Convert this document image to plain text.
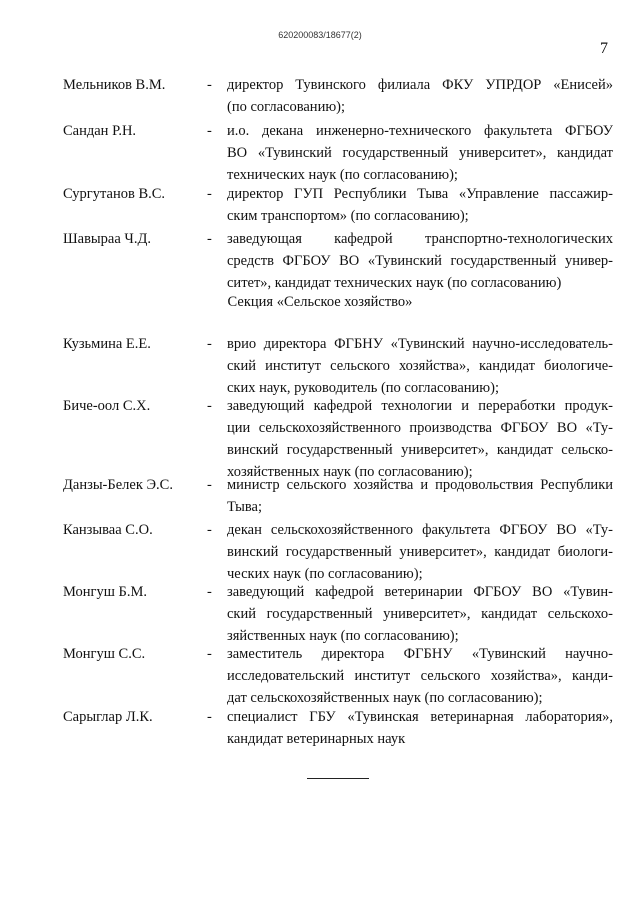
620200083/18677(2)
7
Мельников В.М.	- директор Тувинского филиала ФКУ УПРДОР «Енисей»
(по согласованию);
Сандан Р.Н.	- и.о. декана инженерно-технического факультета ФГБОУ
ВО «Тувинский государственный университет», кандидат
технических наук (по согласованию);
Сургутанов В.С.	- директор ГУП Республики Тыва «Управление пассажир-
ским транспортом» (по согласованию);
Шавыраа Ч.Д.	- заведующая кафедрой транспортно-технологических
средств ФГБОУ ВО «Тувинский государственный универ-
ситет», кандидат технических наук (по согласованию)
Секция «Сельское хозяйство»
Кузьмина Е.Е.	- врио директора ФГБНУ «Тувинский научно-исследователь-
ский институт сельского хозяйства», кандидат биологиче-
ских наук, руководитель (по согласованию);
Биче-оол С.Х.	- заведующий кафедрой технологии и переработки продук-
ции сельскохозяйственного производства ФГБОУ ВО «Ту-
винский государственный университет», кандидат сельско-
хозяйственных наук (по согласованию);
Данзы-Белек Э.С. - министр сельского хозяйства и продовольствия Республики
Тыва;
Канзываа С.О.	- декан сельскохозяйственного факультета ФГБОУ ВО «Ту-
винский государственный университет», кандидат биологи-
ческих наук (по согласованию);
Монгуш Б.М.	- заведующий кафедрой ветеринарии ФГБОУ ВО «Тувин-
ский государственный университет», кандидат сельскохо-
зяйственных наук (по согласованию);
Монгуш С.С.	- заместитель директора ФГБНУ «Тувинский научно-
исследовательский институт сельского хозяйства», канди-
дат сельскохозяйственных наук (по согласованию);
Сарыглар Л.К.	- специалист ГБУ «Тувинская ветеринарная лаборатория»,
кандидат ветеринарных наук
